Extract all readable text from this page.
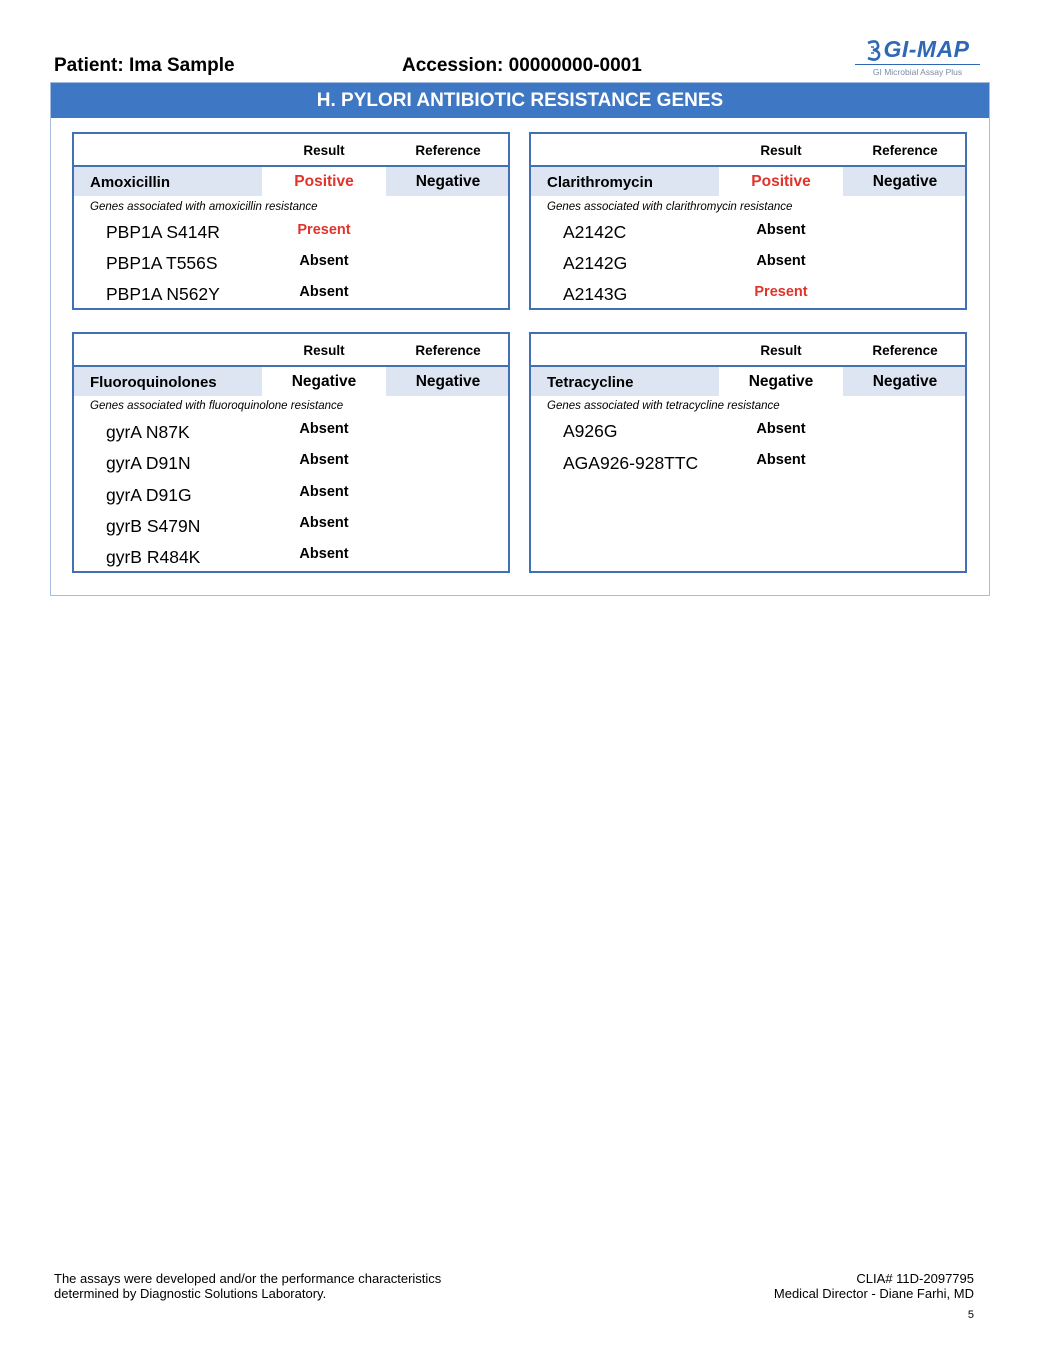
Patient: Ima Sample	Accession: 00000000-0001
GI-MAP
GI Microbial Assay Plus
H. PYLORI ANTIBIOTIC RESISTANCE GENES
Result	Reference
Amoxicillin	Positive	Negative
Genes associated with amoxicillin resistance
PBP1A S414R	Present
PBP1A T556S	Absent
PBP1A N562Y	Absent
Result	Reference
Clarithromycin	Positive	Negative
Genes associated with clarithromycin resistance
A2142C	Absent
A2142G	Absent
A2143G	Present
Result	Reference
Fluoroquinolones	Negative	Negative
Genes associated with fluoroquinolone resistance
gyrA N87K	Absent
gyrA D91N	Absent
gyrA D91G	Absent
gyrB S479N	Absent
gyrB R484K	Absent
Result	Reference
Tetracycline	Negative	Negative
Genes associated with tetracycline resistance
A926G	Absent
AGA926-928TTC	Absent
The assays were developed and/or the performance characteristics
determined by Diagnostic Solutions Laboratory.
CLIA# 11D-2097795
Medical Director - Diane Farhi, MD
5
